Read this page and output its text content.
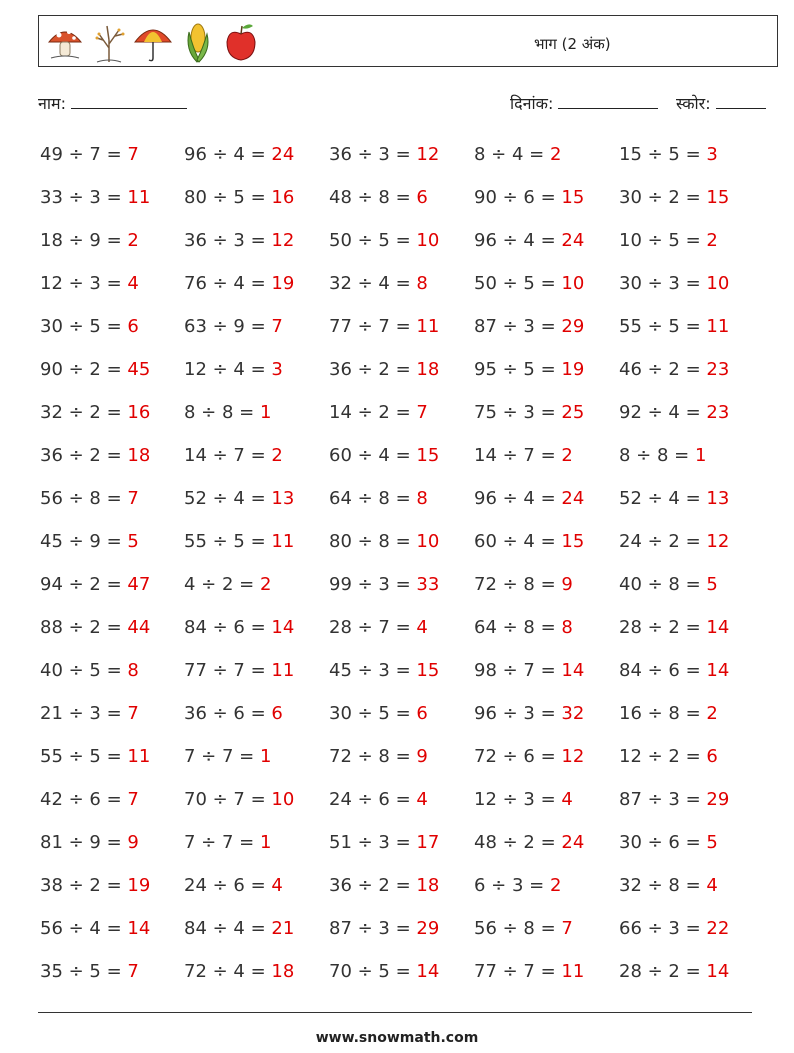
भाग (2 अंक)
नाम:	दिनांक:	स्कोर:
49 ÷ 7 = 7	96 ÷ 4 = 24 36 ÷ 3 = 12 8 ÷ 4 = 2	15 ÷ 5 = 3
33 ÷ 3 = 11 80 ÷ 5 = 16 48 ÷ 8 = 6	90 ÷ 6 = 15 30 ÷ 2 = 15
18 ÷ 9 = 2	36 ÷ 3 = 12 50 ÷ 5 = 10 96 ÷ 4 = 24 10 ÷ 5 = 2
12 ÷ 3 = 4	76 ÷ 4 = 19 32 ÷ 4 = 8	50 ÷ 5 = 10 30 ÷ 3 = 10
30 ÷ 5 = 6	63 ÷ 9 = 7	77 ÷ 7 = 11 87 ÷ 3 = 29 55 ÷ 5 = 11
90 ÷ 2 = 45 12 ÷ 4 = 3	36 ÷ 2 = 18 95 ÷ 5 = 19 46 ÷ 2 = 23
32 ÷ 2 = 16 8 ÷ 8 = 1	14 ÷ 2 = 7	75 ÷ 3 = 25 92 ÷ 4 = 23
36 ÷ 2 = 18 14 ÷ 7 = 2	60 ÷ 4 = 15 14 ÷ 7 = 2	8 ÷ 8 = 1
56 ÷ 8 = 7	52 ÷ 4 = 13 64 ÷ 8 = 8	96 ÷ 4 = 24 52 ÷ 4 = 13
45 ÷ 9 = 5	55 ÷ 5 = 11 80 ÷ 8 = 10 60 ÷ 4 = 15 24 ÷ 2 = 12
94 ÷ 2 = 47 4 ÷ 2 = 2	99 ÷ 3 = 33 72 ÷ 8 = 9	40 ÷ 8 = 5
88 ÷ 2 = 44 84 ÷ 6 = 14 28 ÷ 7 = 4	64 ÷ 8 = 8	28 ÷ 2 = 14
40 ÷ 5 = 8	77 ÷ 7 = 11 45 ÷ 3 = 15 98 ÷ 7 = 14 84 ÷ 6 = 14
21 ÷ 3 = 7	36 ÷ 6 = 6	30 ÷ 5 = 6	96 ÷ 3 = 32 16 ÷ 8 = 2
55 ÷ 5 = 11 7 ÷ 7 = 1	72 ÷ 8 = 9	72 ÷ 6 = 12 12 ÷ 2 = 6
42 ÷ 6 = 7	70 ÷ 7 = 10 24 ÷ 6 = 4	12 ÷ 3 = 4	87 ÷ 3 = 29
81 ÷ 9 = 9	7 ÷ 7 = 1	51 ÷ 3 = 17 48 ÷ 2 = 24 30 ÷ 6 = 5
38 ÷ 2 = 19 24 ÷ 6 = 4	36 ÷ 2 = 18 6 ÷ 3 = 2	32 ÷ 8 = 4
56 ÷ 4 = 14 84 ÷ 4 = 21 87 ÷ 3 = 29 56 ÷ 8 = 7	66 ÷ 3 = 22
35 ÷ 5 = 7	72 ÷ 4 = 18 70 ÷ 5 = 14 77 ÷ 7 = 11 28 ÷ 2 = 14
www.snowmath.com
